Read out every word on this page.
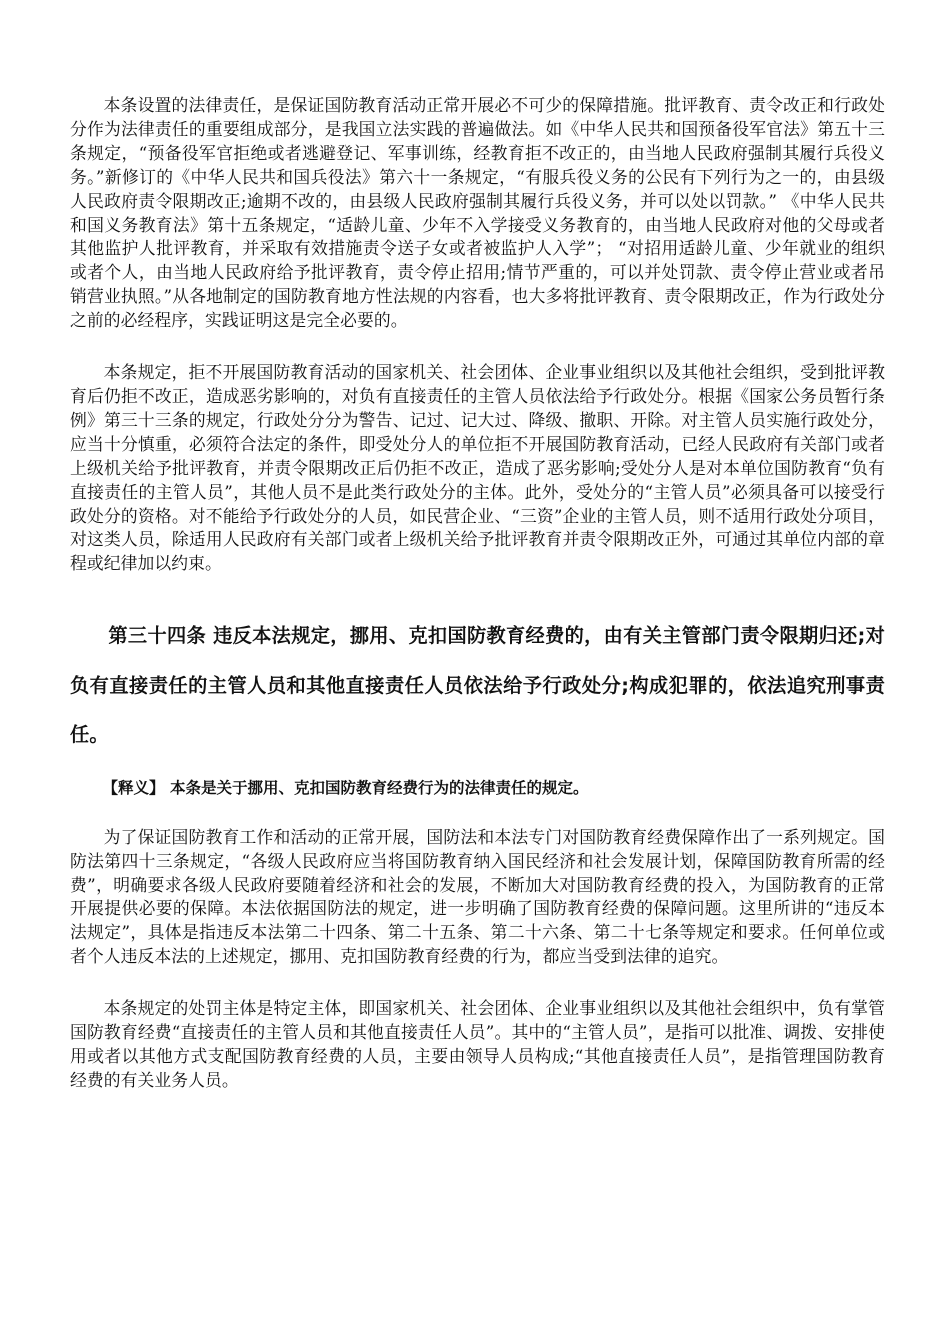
本条设置的法律责任，是保证国防教育活动正常开展必不可少的保障措施。批评教育、责令改正和行政处分作为法律责任的重要组成部分，是我国立法实践的普遍做法。如《中华人民共和国预备役军官法》第五十三条规定，“预备役军官拒绝或者逃避登记、军事训练，经教育拒不改正的，由当地人民政府强制其履行兵役义务。”新修订的《中华人民共和国兵役法》第六十一条规定，“有服兵役义务的公民有下列行为之一的，由县级人民政府责令限期改正;逾期不改的，由县级人民政府强制其履行兵役义务，并可以处以罚款。” 《中华人民共和国义务教育法》第十五条规定，“适龄儿童、少年不入学接受义务教育的，由当地人民政府对他的父母或者其他监护人批评教育，并采取有效措施责令送子女或者被监护人入学”； “对招用适龄儿童、少年就业的组织或者个人，由当地人民政府给予批评教育，责令停止招用;情节严重的，可以并处罚款、责令停止营业或者吊销营业执照。”从各地制定的国防教育地方性法规的内容看，也大多将批评教育、责令限期改正，作为行政处分之前的必经程序，实践证明这是完全必要的。

本条规定，拒不开展国防教育活动的国家机关、社会团体、企业事业组织以及其他社会组织，受到批评教育后仍拒不改正，造成恶劣影响的，对负有直接责任的主管人员依法给予行政处分。根据《国家公务员暂行条例》第三十三条的规定，行政处分分为警告、记过、记大过、降级、撤职、开除。对主管人员实施行政处分，应当十分慎重，必须符合法定的条件，即受处分人的单位拒不开展国防教育活动，已经人民政府有关部门或者上级机关给予批评教育，并责令限期改正后仍拒不改正，造成了恶劣影响;受处分人是对本单位国防教育“负有直接责任的主管人员”，其他人员不是此类行政处分的主体。此外，受处分的“主管人员”必须具备可以接受行政处分的资格。对不能给予行政处分的人员，如民营企业、“三资”企业的主管人员，则不适用行政处分项目，对这类人员，除适用人民政府有关部门或者上级机关给予批评教育并责令限期改正外，可通过其单位内部的章程或纪律加以约束。

第三十四条 违反本法规定，挪用、克扣国防教育经费的，由有关主管部门责令限期归还;对负有直接责任的主管人员和其他直接责任人员依法给予行政处分;构成犯罪的，依法追究刑事责任。

【释义】 本条是关于挪用、克扣国防教育经费行为的法律责任的规定。

为了保证国防教育工作和活动的正常开展，国防法和本法专门对国防教育经费保障作出了一系列规定。国防法第四十三条规定，“各级人民政府应当将国防教育纳入国民经济和社会发展计划，保障国防教育所需的经费”，明确要求各级人民政府要随着经济和社会的发展，不断加大对国防教育经费的投入，为国防教育的正常开展提供必要的保障。本法依据国防法的规定，进一步明确了国防教育经费的保障问题。这里所讲的“违反本法规定”，具体是指违反本法第二十四条、第二十五条、第二十六条、第二十七条等规定和要求。任何单位或者个人违反本法的上述规定，挪用、克扣国防教育经费的行为，都应当受到法律的追究。

本条规定的处罚主体是特定主体，即国家机关、社会团体、企业事业组织以及其他社会组织中，负有掌管国防教育经费“直接责任的主管人员和其他直接责任人员”。其中的“主管人员”，是指可以批准、调拨、安排使用或者以其他方式支配国防教育经费的人员，主要由领导人员构成;“其他直接责任人员”，是指管理国防教育经费的有关业务人员。
